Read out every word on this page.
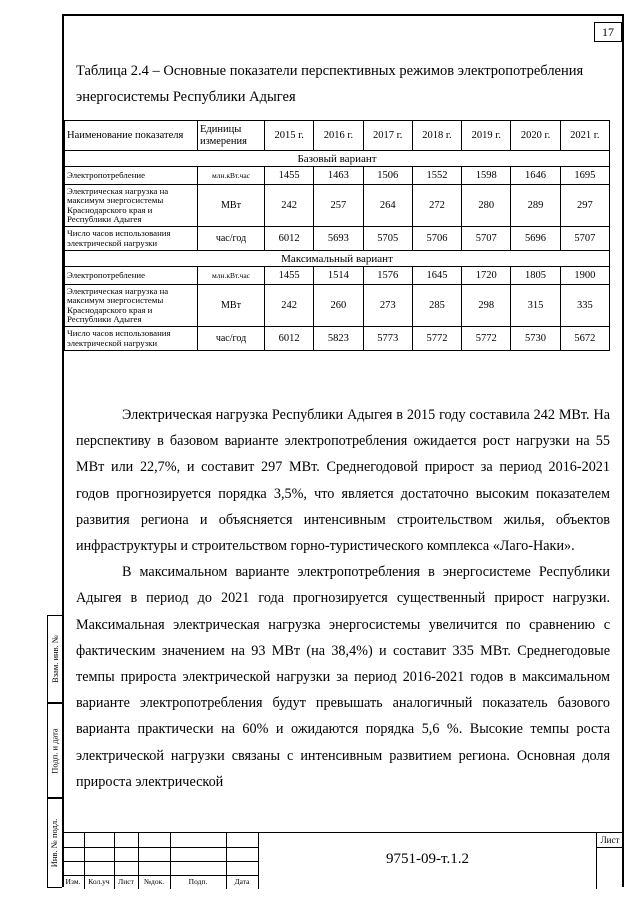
17
Таблица 2.4 – Основные показатели перспективных режимов электропотребления энергосистемы Республики Адыгея
Наименование показателя	Единицы измерения	2015 г.	2016 г.	2017 г.	2018 г.	2019 г.	2020 г.	2021 г.
Базовый вариант								
Электропотребление	млн.кВт.час	1455	1463	1506	1552	1598	1646	1695
Электрическая нагрузка на максимум энергосистемы Краснодарского края и Республики Адыгея	МВт	242	257	264	272	280	289	297
Число часов использования электрической нагрузки	час/год	6012	5693	5705	5706	5707	5696	5707
Максимальный вариант								
Электропотребление	млн.кВт.час	1455	1514	1576	1645	1720	1805	1900
Электрическая нагрузка на максимум энергосистемы Краснодарского края и Республики Адыгея	МВт	242	260	273	285	298	315	335
Число часов использования электрической нагрузки	час/год	6012	5823	5773	5772	5772	5730	5672

Электрическая нагрузка Республики Адыгея в 2015 году составила 242 МВт. На перспективу в базовом варианте электропотребления ожидается рост нагрузки на 55 МВт или 22,7%, и составит 297 МВт. Среднегодовой прирост за период 2016-2021 годов прогнозируется порядка 3,5%, что является достаточно высоким показателем развития региона и объясняется интенсивным строительством жилья, объектов инфраструктуры и строительством горно-туристического комплекса «Лаго-Наки».

В максимальном варианте электропотребления в энергосистеме Республики Адыгея в период до 2021 года прогнозируется существенный прирост нагрузки. Максимальная электрическая нагрузка энергосистемы увеличится по сравнению с фактическим значением на 93 МВт (на 38,4%) и составит 335 МВт. Среднегодовые темпы прироста электрической нагрузки за период 2016-2021 годов в максимальном варианте электропотребления будут превышать аналогичный показатель базового варианта практически на 60% и ожидаются порядка 5,6 %. Высокие темпы роста электрической нагрузки связаны с интенсивным развитием региона. Основная доля прироста электрической

Взам. инв. №
Подп. и дата
Инв. № подл.
Изм.	Кол.уч	Лист	№док.	Подп.	Дата
9751-09-т.1.2
Лист
